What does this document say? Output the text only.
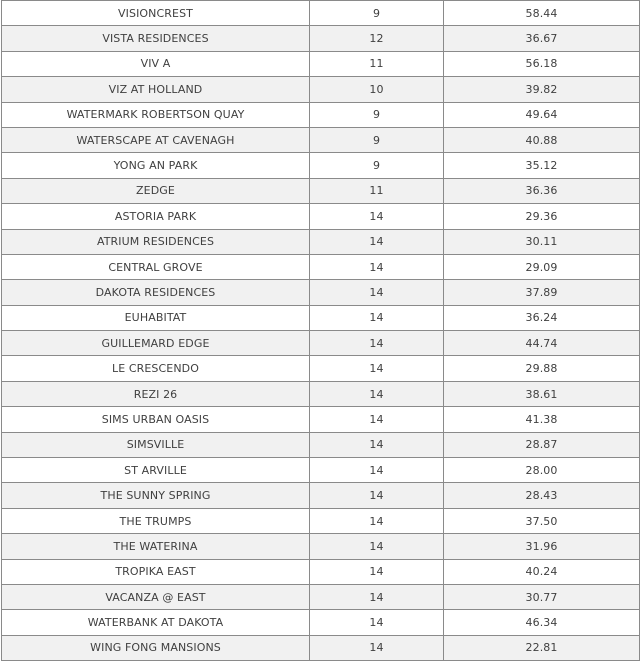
VISIONCREST	9	58.44
VISTA RESIDENCES	12	36.67
VIV A	11	56.18
VIZ AT HOLLAND	10	39.82
WATERMARK ROBERTSON QUAY	9	49.64
WATERSCAPE AT CAVENAGH	9	40.88
YONG AN PARK	9	35.12
ZEDGE	11	36.36
ASTORIA PARK	14	29.36
ATRIUM RESIDENCES	14	30.11
CENTRAL GROVE	14	29.09
DAKOTA RESIDENCES	14	37.89
EUHABITAT	14	36.24
GUILLEMARD EDGE	14	44.74
LE CRESCENDO	14	29.88
REZI 26	14	38.61
SIMS URBAN OASIS	14	41.38
SIMSVILLE	14	28.87
ST ARVILLE	14	28.00
THE SUNNY SPRING	14	28.43
THE TRUMPS	14	37.50
THE WATERINA	14	31.96
TROPIKA EAST	14	40.24
VACANZA @ EAST	14	30.77
WATERBANK AT DAKOTA	14	46.34
WING FONG MANSIONS	14	22.81
